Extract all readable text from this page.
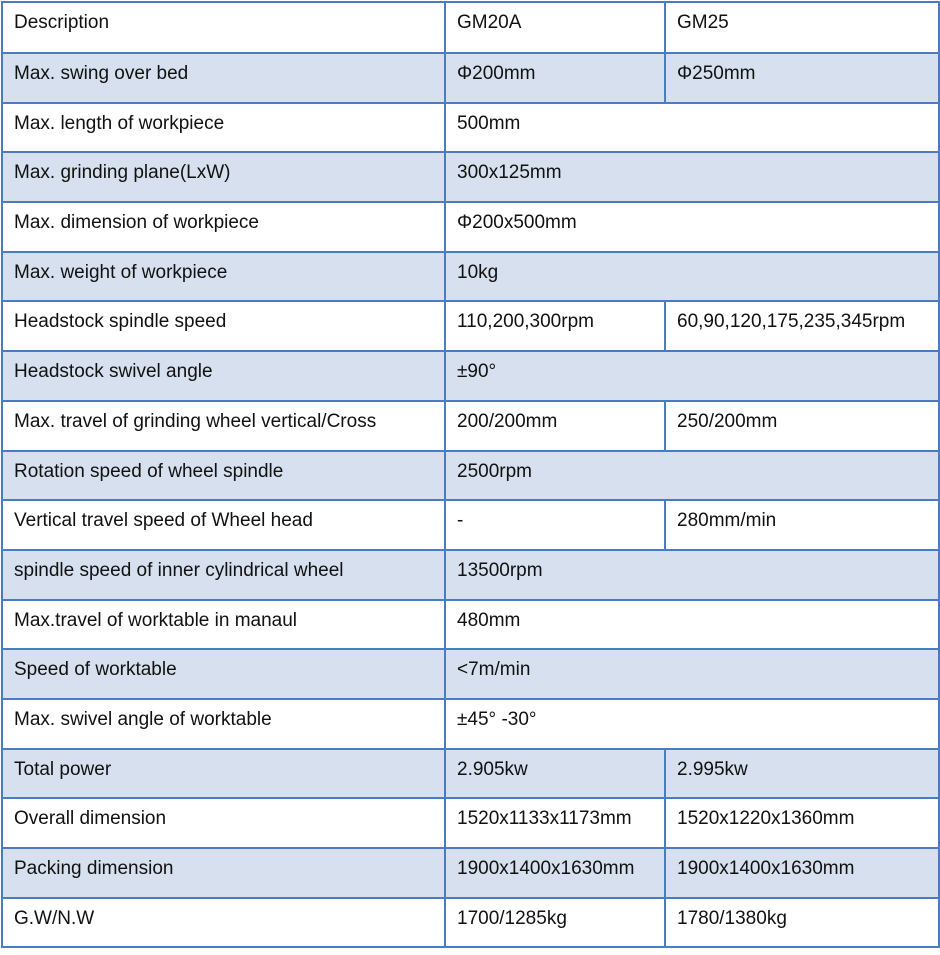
Description	GM20A	GM25
Max. swing over bed	Φ200mm	Φ250mm
Max. length of workpiece	500mm	
Max. grinding plane(LxW)	300x125mm	
Max. dimension of workpiece	Φ200x500mm	
Max. weight of workpiece	10kg	
Headstock spindle speed	110,200,300rpm	60,90,120,175,235,345rpm
Headstock swivel angle	±90°	
Max. travel of grinding wheel vertical/Cross	200/200mm	250/200mm
Rotation speed of wheel spindle	2500rpm	
Vertical travel speed of Wheel head	-	280mm/min
spindle speed of inner cylindrical wheel	13500rpm	
Max.travel of worktable in manaul	480mm	
Speed of worktable	<7m/min	
Max. swivel angle of worktable	±45° -30°	
Total power	2.905kw	2.995kw
Overall dimension	1520x1133x1173mm	1520x1220x1360mm
Packing dimension	1900x1400x1630mm	1900x1400x1630mm
G.W/N.W	1700/1285kg	1780/1380kg
